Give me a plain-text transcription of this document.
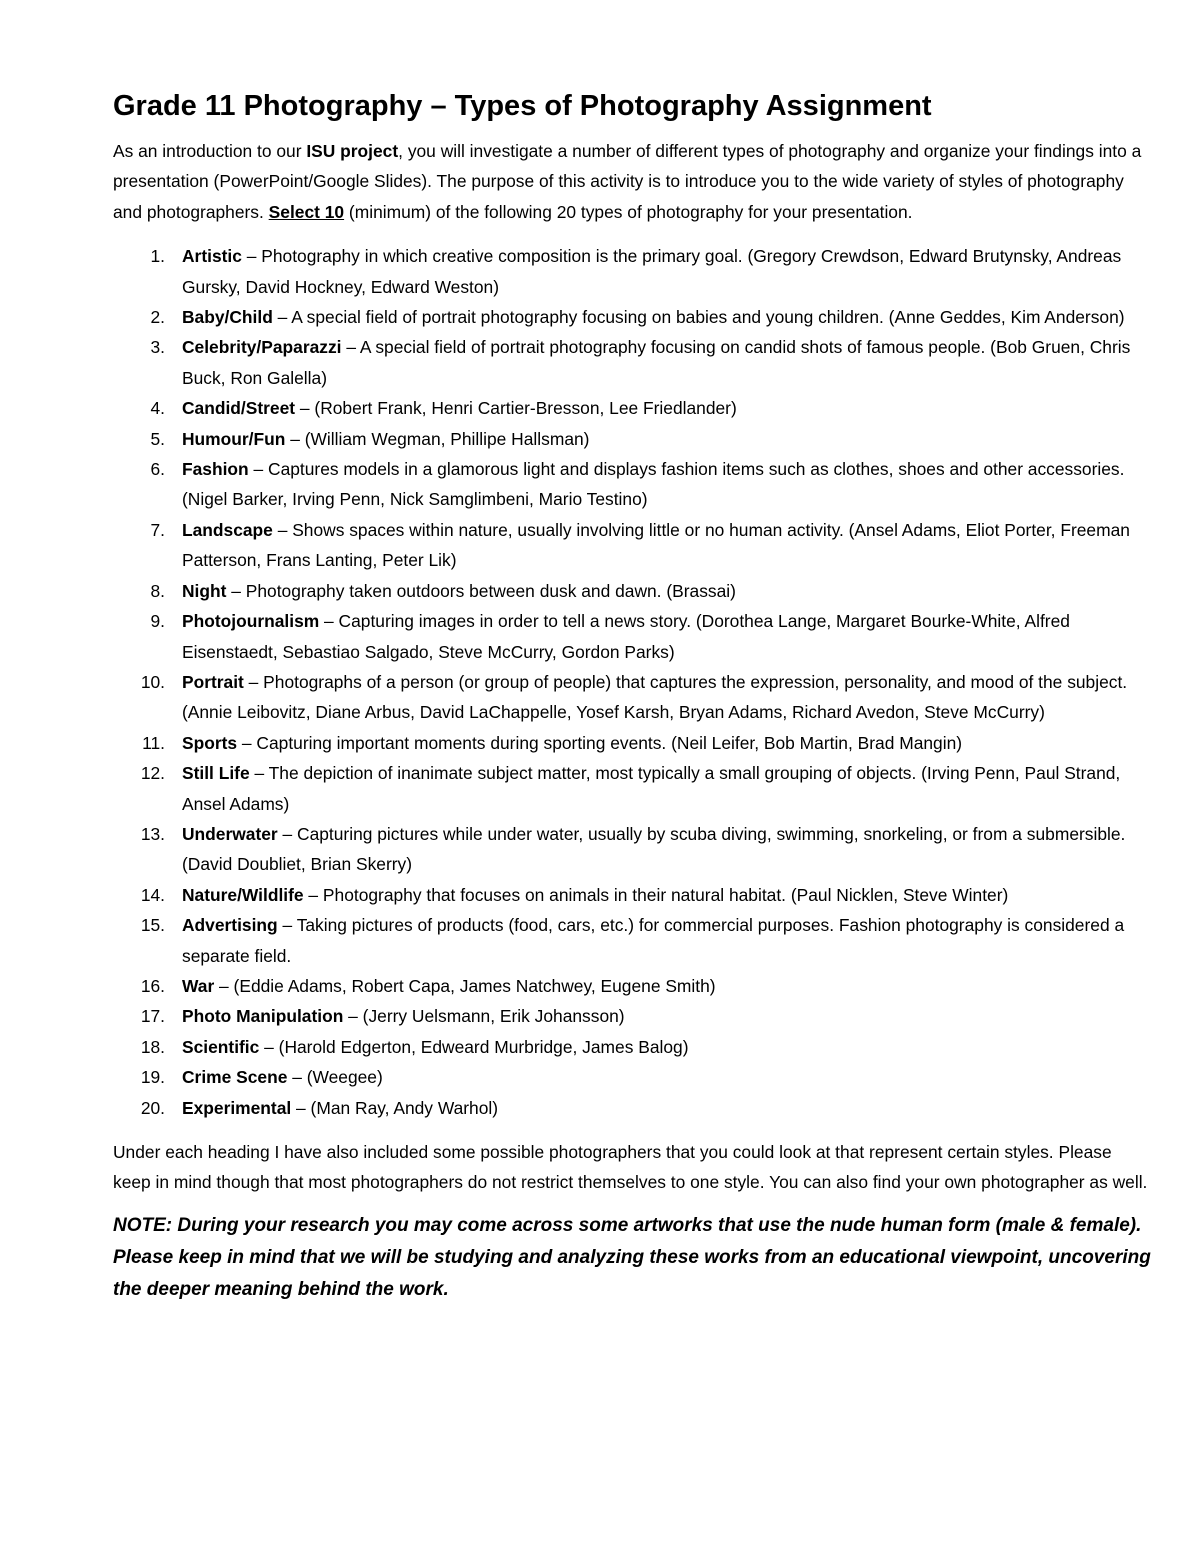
Grade 11 Photography – Types of Photography Assignment

As an introduction to our ISU project, you will investigate a number of different types of photography and organize your findings into a presentation (PowerPoint/Google Slides). The purpose of this activity is to introduce you to the wide variety of styles of photography and photographers. Select 10 (minimum) of the following 20 types of photography for your presentation.

1. Artistic – Photography in which creative composition is the primary goal. (Gregory Crewdson, Edward Brutynsky, Andreas Gursky, David Hockney, Edward Weston)
2. Baby/Child – A special field of portrait photography focusing on babies and young children. (Anne Geddes, Kim Anderson)
3. Celebrity/Paparazzi – A special field of portrait photography focusing on candid shots of famous people. (Bob Gruen, Chris Buck, Ron Galella)
4. Candid/Street – (Robert Frank, Henri Cartier-Bresson, Lee Friedlander)
5. Humour/Fun – (William Wegman, Phillipe Hallsman)
6. Fashion – Captures models in a glamorous light and displays fashion items such as clothes, shoes and other accessories. (Nigel Barker, Irving Penn, Nick Samglimbeni, Mario Testino)
7. Landscape – Shows spaces within nature, usually involving little or no human activity. (Ansel Adams, Eliot Porter, Freeman Patterson, Frans Lanting, Peter Lik)
8. Night – Photography taken outdoors between dusk and dawn. (Brassai)
9. Photojournalism – Capturing images in order to tell a news story. (Dorothea Lange, Margaret Bourke-White, Alfred Eisenstaedt, Sebastiao Salgado, Steve McCurry, Gordon Parks)
10. Portrait – Photographs of a person (or group of people) that captures the expression, personality, and mood of the subject. (Annie Leibovitz, Diane Arbus, David LaChappelle, Yosef Karsh, Bryan Adams, Richard Avedon, Steve McCurry)
11. Sports – Capturing important moments during sporting events. (Neil Leifer, Bob Martin, Brad Mangin)
12. Still Life – The depiction of inanimate subject matter, most typically a small grouping of objects. (Irving Penn, Paul Strand, Ansel Adams)
13. Underwater – Capturing pictures while under water, usually by scuba diving, swimming, snorkeling, or from a submersible. (David Doubliet, Brian Skerry)
14. Nature/Wildlife – Photography that focuses on animals in their natural habitat. (Paul Nicklen, Steve Winter)
15. Advertising – Taking pictures of products (food, cars, etc.) for commercial purposes. Fashion photography is considered a separate field.
16. War – (Eddie Adams, Robert Capa, James Natchwey, Eugene Smith)
17. Photo Manipulation – (Jerry Uelsmann, Erik Johansson)
18. Scientific – (Harold Edgerton, Edweard Murbridge, James Balog)
19. Crime Scene – (Weegee)
20. Experimental – (Man Ray, Andy Warhol)

Under each heading I have also included some possible photographers that you could look at that represent certain styles. Please keep in mind though that most photographers do not restrict themselves to one style. You can also find your own photographer as well.

NOTE: During your research you may come across some artworks that use the nude human form (male & female). Please keep in mind that we will be studying and analyzing these works from an educational viewpoint, uncovering the deeper meaning behind the work.
